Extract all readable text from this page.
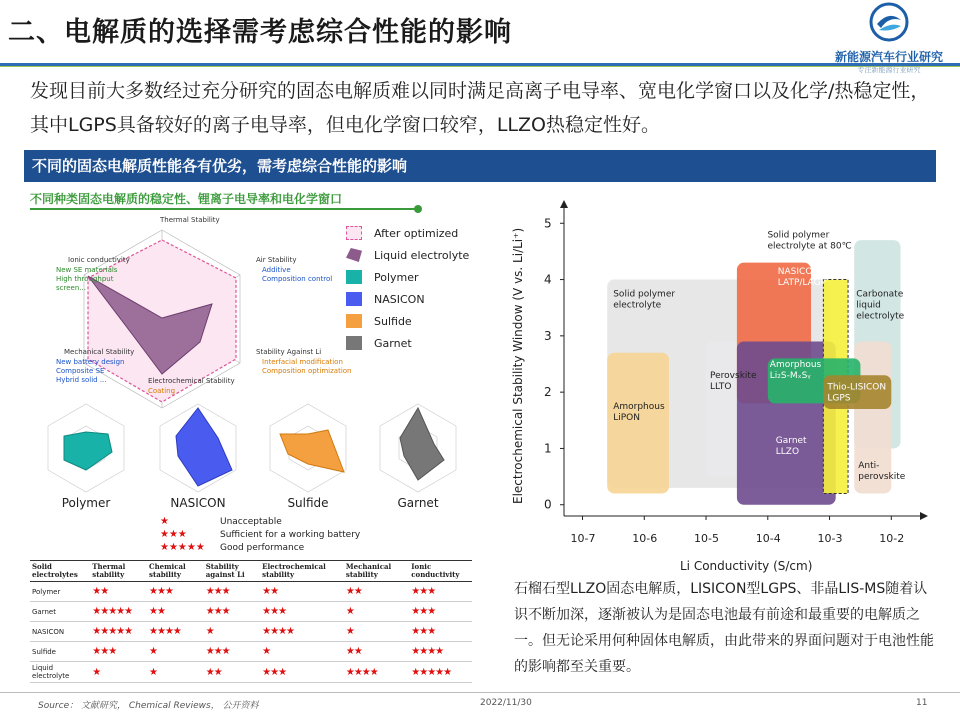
二、电解质的选择需考虑综合性能的影响
新能源汽车行业研究
专注新能源行业研究
发现目前大多数经过充分研究的固态电解质难以同时满足高离子电导率、宽电化学窗口以及化学/热稳定性，其中LGPS具备较好的离子电导率，但电化学窗口较窄，LLZO热稳定性好。
不同的固态电解质性能各有优劣，需考虑综合性能的影响
不同种类固态电解质的稳定性、锂离子电导率和电化学窗口
Thermal Stability
Ionic conductivity
New SE materials
High throughput
screen...
Air Stability
Additive
Composition control
Mechanical Stability
New battery design
Composite SE
Hybrid solid ...
Stability Against Li
Interfacial modification
Composition optimization
Electrochemical Stability
Coating
After optimized
Liquid electrolyte
Polymer
NASICON
Sulfide
Garnet
Polymer	NASICON	Sulfide	Garnet
★	Unacceptable
★★★	Sufficient for a working battery
★★★★★ Good performance
Solid electrolytes	Thermal stability	Chemical stability	Stability against Li	Electrochemical stability	Mechanical stability	Ionic conductivity
Polymer	★★	★★★	★★★	★★	★★	★★★
Garnet	★★★★★	★★	★★★	★★★	★	★★★
NASICON	★★★★★	★★★★	★	★★★★	★	★★★
Sulfide	★★★	★	★★★	★	★★	★★★★
Liquid electrolyte	★	★	★★	★★★	★★★★	★★★★★
Solid polymer
electrolyte
Amorphous
LiPON
Perovskite
LLTO
NASICON
LATP/LAGP
Carbonate
liquid
electrolyte
Anti-
perovskite
Garnet
LLZO
Solid polymer
electrolyte at 80℃
Amorphous
Li₂S-MₓSᵧ
Thio-LISICON
LGPS
0
1
2
3
4
5
10-7	10-6	10-5	10-4	10-3	10-2
Li Conductivity (S/cm)
Electrochemical Stability Window (V vs. Li/Li⁺)
石榴石型LLZO固态电解质，LISICON型LGPS、非晶LIS-MS随着认识不断加深，逐渐被认为是固态电池最有前途和最重要的电解质之一。但无论采用何种固体电解质，由此带来的界面问题对于电池性能的影响都至关重要。
Source： 文献研究， Chemical Reviews， 公开资料	2022/11/30	11
